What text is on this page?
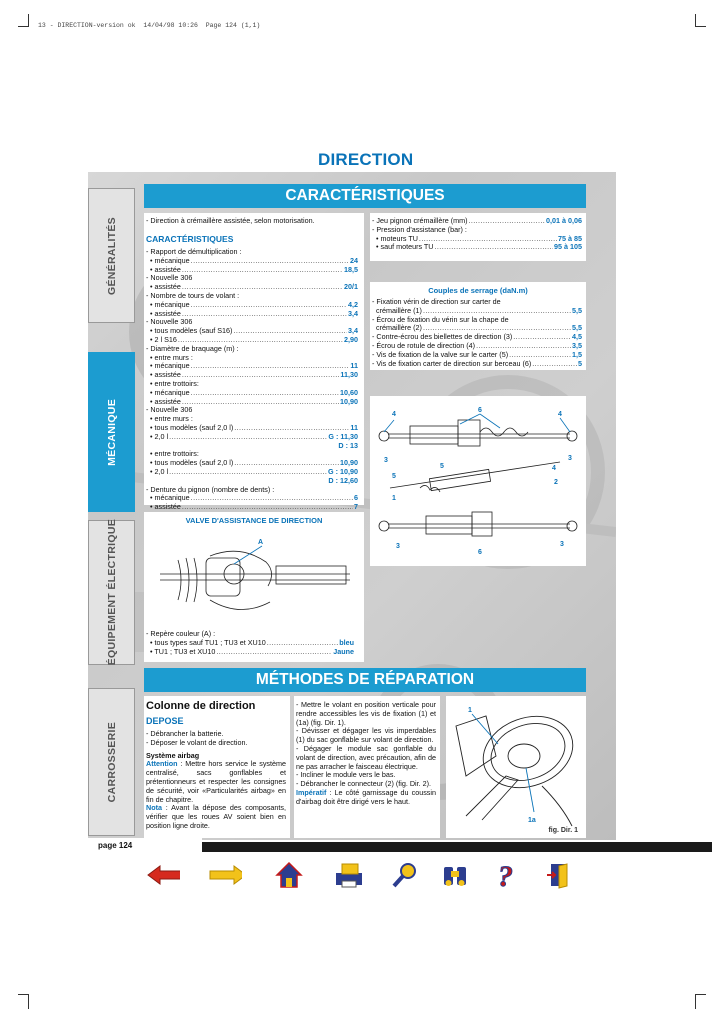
13 - DIRECTION-version ok  14/04/98 10:26  Page 124 (1,1)
DIRECTION
GÉNÉRALITÉS
MÉCANIQUE
ÉQUIPEMENT ÉLECTRIQUE
CARROSSERIE
CARACTÉRISTIQUES
- Direction à crémaillère assistée, selon motorisation.
CARACTÉRISTIQUES
- Rapport de démultiplication :
• mécanique .....	24
• assistée .....	18,5
- Nouvelle 306
• assistée .....	20/1
- Nombre de tours de volant :
• mécanique .....	4,2
• assistée .....	3,4
- Nouvelle 306
• tous modèles (sauf S16) .....	3,4
• 2 l S16 .....	2,90
- Diamètre de braquage (m) :
• entre murs :
• mécanique .....	11
• assistée .....	11,30
• entre trottoirs:
• mécanique .....	10,60
• assistée .....	10,90
- Nouvelle 306
• entre murs :
• tous modèles (sauf 2,0 l) .....	11
• 2,0 l .....	G : 11,30
D : 13
• entre trottoirs:
• tous modèles (sauf 2,0 l) .....	10,90
• 2,0 l .....	G : 10,90
D : 12,60
- Denture du pignon (nombre de dents) :
• mécanique .....	6
• assistée .....	7
- Jeu pignon crémaillère (mm) .....	0,01 à 0,06
- Pression d'assistance (bar) :
• moteurs TU .....	75 à 85
• sauf moteurs TU .....	95 à 105
Couples de serrage (daN.m)
- Fixation vérin de direction sur carter de
crémaillère (1) .....	5,5
- Écrou de fixation du vérin sur la chape de
crémaillère (2) .....	5,5
- Contre-écrou des biellettes de direction (3) .....	4,5
- Écrou de rotule de direction (4) .....	3,5
- Vis de fixation de la valve sur le carter (5) .....	1,5
- Vis de fixation carter de direction sur berceau (6) .....	5
4
6
4
3
5
3
4
5
2
1
3
6
3
VALVE D'ASSISTANCE DE DIRECTION
A
- Repère couleur (A) :
• tous types sauf TU1 ; TU3 et XU10 .....	bleu
• TU1 ; TU3 et XU10 .....	Jaune
MÉTHODES DE RÉPARATION
Colonne de direction
DEPOSE
- Débrancher la batterie.
- Déposer le volant de direction.
Système airbag
Attention : Mettre hors service le système centralisé, sacs gonflables et prétentionneurs et respecter les consignes de sécurité, voir «Particularités airbag» en fin de chapitre.
Nota : Avant la dépose des composants, vérifier que les roues AV soient bien en position ligne droite.
- Mettre le volant en position verticale pour rendre accessibles les vis de fixation (1) et (1a) (fig. Dir. 1).
- Dévisser et dégager les vis imperdables (1) du sac gonflable sur volant de direction.
- Dégager le module sac gonflable du volant de direction, avec précaution, afin de ne pas arracher le faisceau électrique.
- Incliner le module vers le bas.
- Débrancher le connecteur (2) (fig. Dir. 2).
Impératif : Le côté garnissage du coussin d'airbag doit être dirigé vers le haut.
1
1a
fig. Dir. 1
page 124
?
